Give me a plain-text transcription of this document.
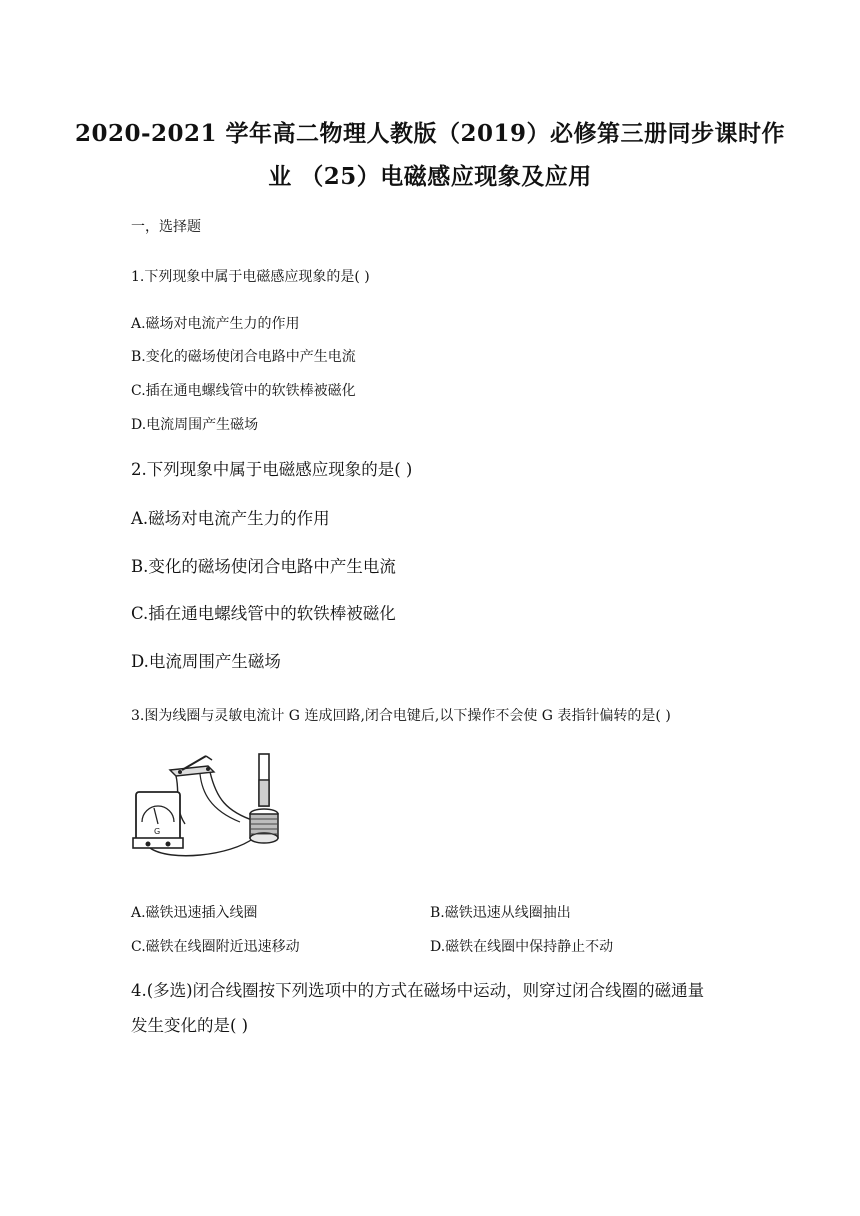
2020-2021 学年高二物理人教版（2019）必修第三册同步课时作
业 （25）电磁感应现象及应用
一，选择题
1.下列现象中属于电磁感应现象的是( )
A.磁场对电流产生力的作用
B.变化的磁场使闭合电路中产生电流
C.插在通电螺线管中的软铁棒被磁化
D.电流周围产生磁场
2.下列现象中属于电磁感应现象的是( )
A.磁场对电流产生力的作用
B.变化的磁场使闭合电路中产生电流
C.插在通电螺线管中的软铁棒被磁化
D.电流周围产生磁场
3.图为线圈与灵敏电流计 G 连成回路,闭合电键后,以下操作不会使 G 表指针偏转的是( )
G
A.磁铁迅速插入线圈	B.磁铁迅速从线圈抽出
C.磁铁在线圈附近迅速移动	D.磁铁在线圈中保持静止不动
4.(多选)闭合线圈按下列选项中的方式在磁场中运动，则穿过闭合线圈的磁通量
发生变化的是( )
